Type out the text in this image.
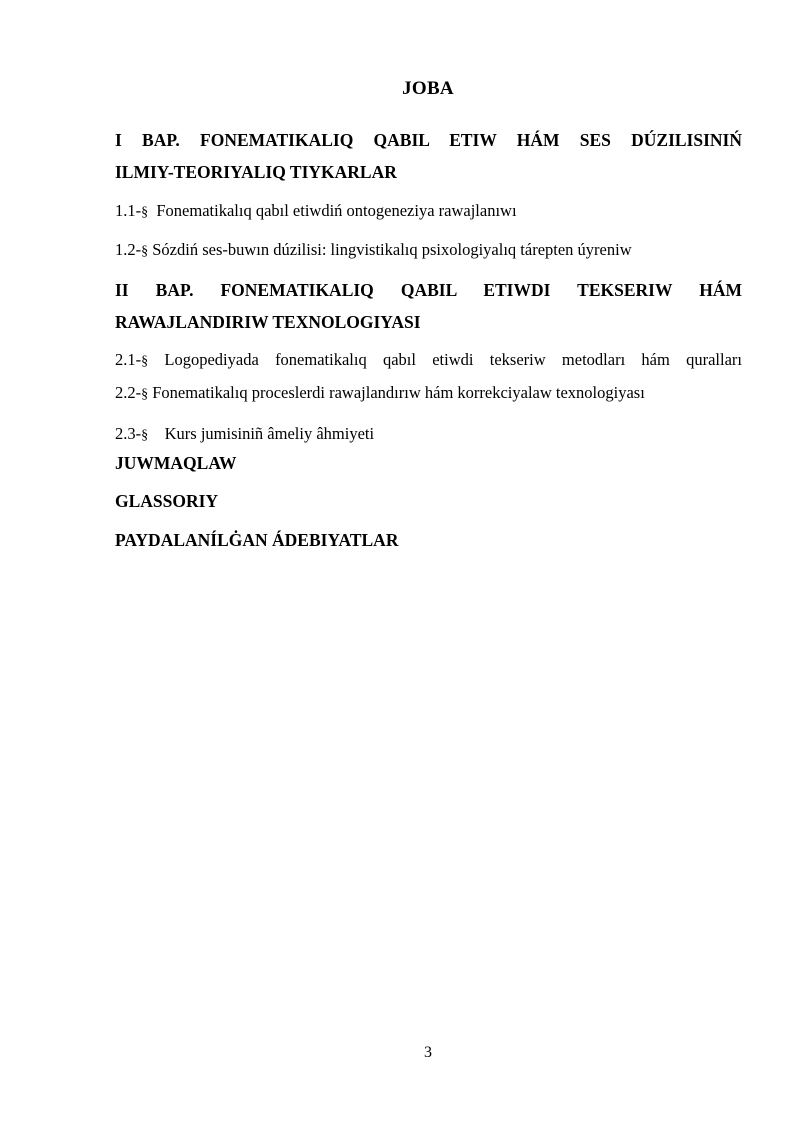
JOBA
I BAP. FONEMATIKALIQ QABIL ETIW HÁM SES DÚZILISINIŃ
ILMIY-TEORIYALIQ TIYKARLAR
1.1-§ Fonematikalıq qabıl etiwdiń ontogeneziya rawajlanıwı
1.2-§ Sózdiń ses-buwın dúzilisi: lingvistikalıq psixologiyalıq tárepten úyreniw
II BAP. FONEMATIKALIQ QABIL ETIWDI TEKSERIW HÁM
RAWAJLANDIRIW TEXNOLOGIYASI
2.1-§ Logopediyada fonematikalıq qabıl etiwdi tekseriw metodları hám quralları
2.2-§ Fonematikalıq proceslerdi rawajlandırıw hám korrekciyalaw texnologiyası
2.3-§ Kurs jumisiniñ âmeliy âhmiyeti
JUWMAQLAW
GLASSORIY
PAYDALANÍLĠAN ÁDEBIYATLAR
3
